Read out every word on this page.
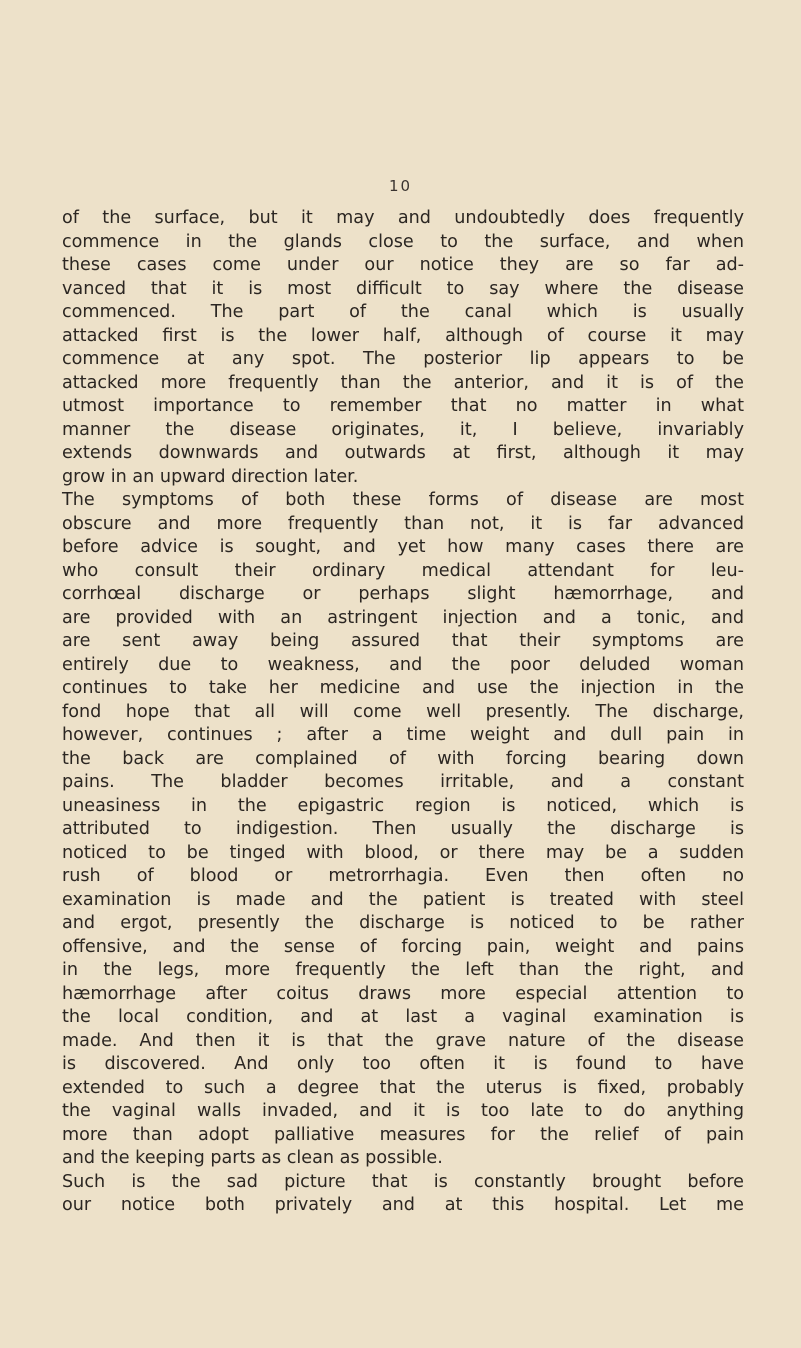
10
of the surface, but it may and undoubtedly does frequently
commence in the glands close to the surface, and when
these cases come under our notice they are so far ad-
vanced that it is most difficult to say where the disease
commenced. The part of the canal which is usually
attacked first is the lower half, although of course it may
commence at any spot. The posterior lip appears to be
attacked more frequently than the anterior, and it is of the
utmost importance to remember that no matter in what
manner the disease originates, it, I believe, invariably
extends downwards and outwards at first, although it may
grow in an upward direction later.
The symptoms of both these forms of disease are most
obscure and more frequently than not, it is far advanced
before advice is sought, and yet how many cases there are
who consult their ordinary medical attendant for leu-
corrhœal discharge or perhaps slight hæmorrhage, and
are provided with an astringent injection and a tonic, and
are sent away being assured that their symptoms are
entirely due to weakness, and the poor deluded woman
continues to take her medicine and use the injection in the
fond hope that all will come well presently. The discharge,
however, continues ; after a time weight and dull pain in
the back are complained of with forcing bearing down
pains. The bladder becomes irritable, and a constant
uneasiness in the epigastric region is noticed, which is
attributed to indigestion. Then usually the discharge is
noticed to be tinged with blood, or there may be a sudden
rush of blood or metrorrhagia. Even then often no
examination is made and the patient is treated with steel
and ergot, presently the discharge is noticed to be rather
offensive, and the sense of forcing pain, weight and pains
in the legs, more frequently the left than the right, and
hæmorrhage after coitus draws more especial attention to
the local condition, and at last a vaginal examination is
made. And then it is that the grave nature of the disease
is discovered. And only too often it is found to have
extended to such a degree that the uterus is fixed, probably
the vaginal walls invaded, and it is too late to do anything
more than adopt palliative measures for the relief of pain
and the keeping parts as clean as possible.
Such is the sad picture that is constantly brought before
our notice both privately and at this hospital. Let me
